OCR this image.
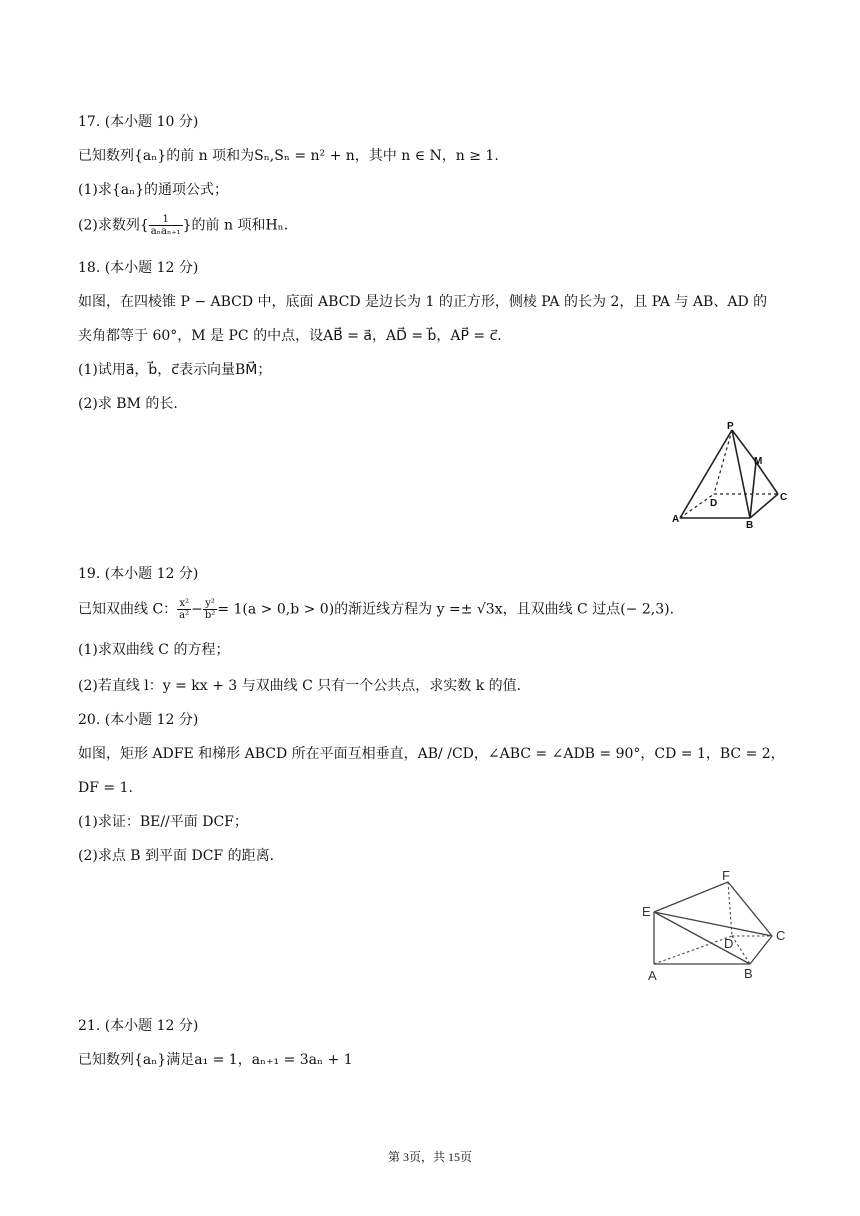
17. (本小题 10 分)
已知数列{aₙ}的前 n 项和为Sₙ,Sₙ = n² + n，其中 n ∈ N，n ≥ 1.
(1)求{aₙ}的通项公式；
(2)求数列{ $\frac{1}{\text{aₙaₙ₊₁}}$ }的前 n 项和Hₙ.
18. (本小题 12 分)
如图，在四棱锥 P − ABCD 中，底面 ABCD 是边长为 1 的正方形，侧棱 PA 的长为 2，且 PA 与 AB、AD 的
夹角都等于 60°，M 是 PC 的中点，设AB⃗ = a⃗，AD⃗ = b⃗，AP⃗ = c⃗.
(1)试用a⃗，b⃗，c⃗表示向量BM⃗；
(2)求 BM 的长.
P
M
C
D
A
B
19. (本小题 12 分)
已知双曲线 C： $\frac{\text{x²}}{\text{a²}} - \frac{\text{y²}}{\text{b²}} = 1(a > 0,b > 0)$的渐近线方程为 y =± √3x，且双曲线 C 过点(− 2,3).
(1)求双曲线 C 的方程；
(2)若直线 l：y = kx + 3 与双曲线 C 只有一个公共点，求实数 k 的值.
20. (本小题 12 分)
如图，矩形 ADFE 和梯形 ABCD 所在平面互相垂直，AB/ /CD，∠ABC = ∠ADB = 90°，CD = 1，BC = 2，
DF = 1.
(1)求证：BE//平面 DCF；
(2)求点 B 到平面 DCF 的距离.
F
E
D
C
A	B
21. (本小题 12 分)
已知数列{aₙ}满足a₁ = 1，aₙ₊₁ = 3aₙ + 1
第 3页，共 15页
